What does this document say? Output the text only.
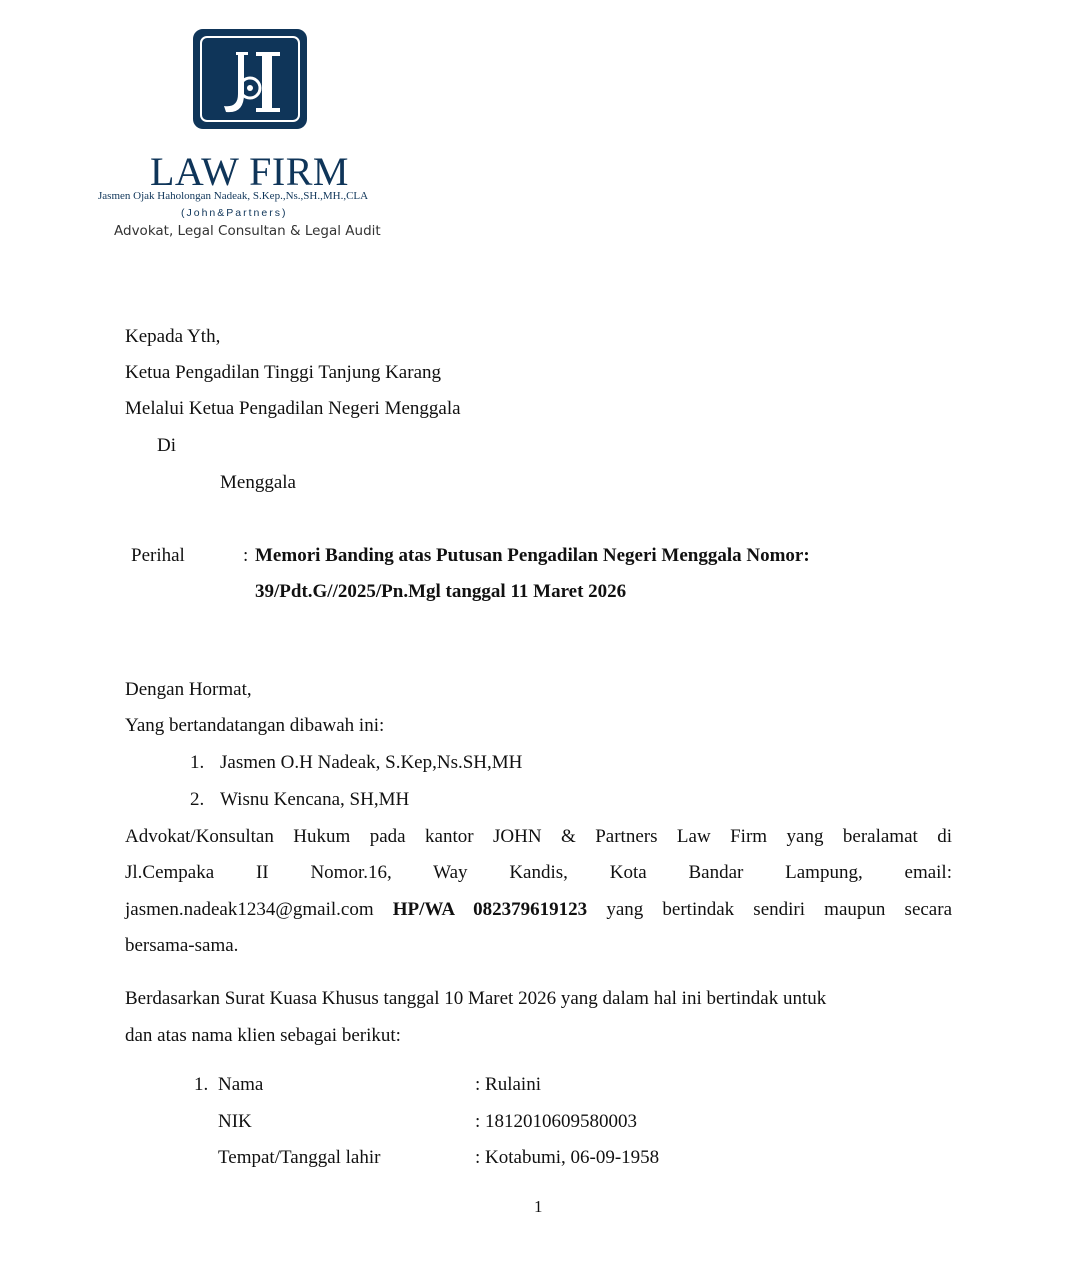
LAW FIRM
Jasmen Ojak Haholongan Nadeak, S.Kep.,Ns.,SH.,MH.,CLA
(John&Partners)
Advokat, Legal Consultan & Legal Audit
Kepada Yth,
Ketua Pengadilan Tinggi Tanjung Karang
Melalui Ketua Pengadilan Negeri Menggala
Di
Menggala
Perihal	: Memori Banding atas Putusan Pengadilan Negeri Menggala Nomor:
39/Pdt.G//2025/Pn.Mgl tanggal 11 Maret 2026
Dengan Hormat,
Yang bertandatangan dibawah ini:
1. Jasmen O.H Nadeak, S.Kep,Ns.SH,MH
2. Wisnu Kencana, SH,MH
Advokat/Konsultan Hukum pada kantor JOHN & Partners Law Firm yang beralamat di
Jl.Cempaka II Nomor.16, Way Kandis, Kota Bandar Lampung, email:
jasmen.nadeak1234@gmail.com HP/WA 082379619123 yang bertindak sendiri maupun secara
bersama-sama.
Berdasarkan Surat Kuasa Khusus tanggal 10 Maret 2026 yang dalam hal ini bertindak untuk
dan atas nama klien sebagai berikut:
1. Nama	: Rulaini
NIK	: 1812010609580003
Tempat/Tanggal lahir	: Kotabumi, 06-09-1958
1
